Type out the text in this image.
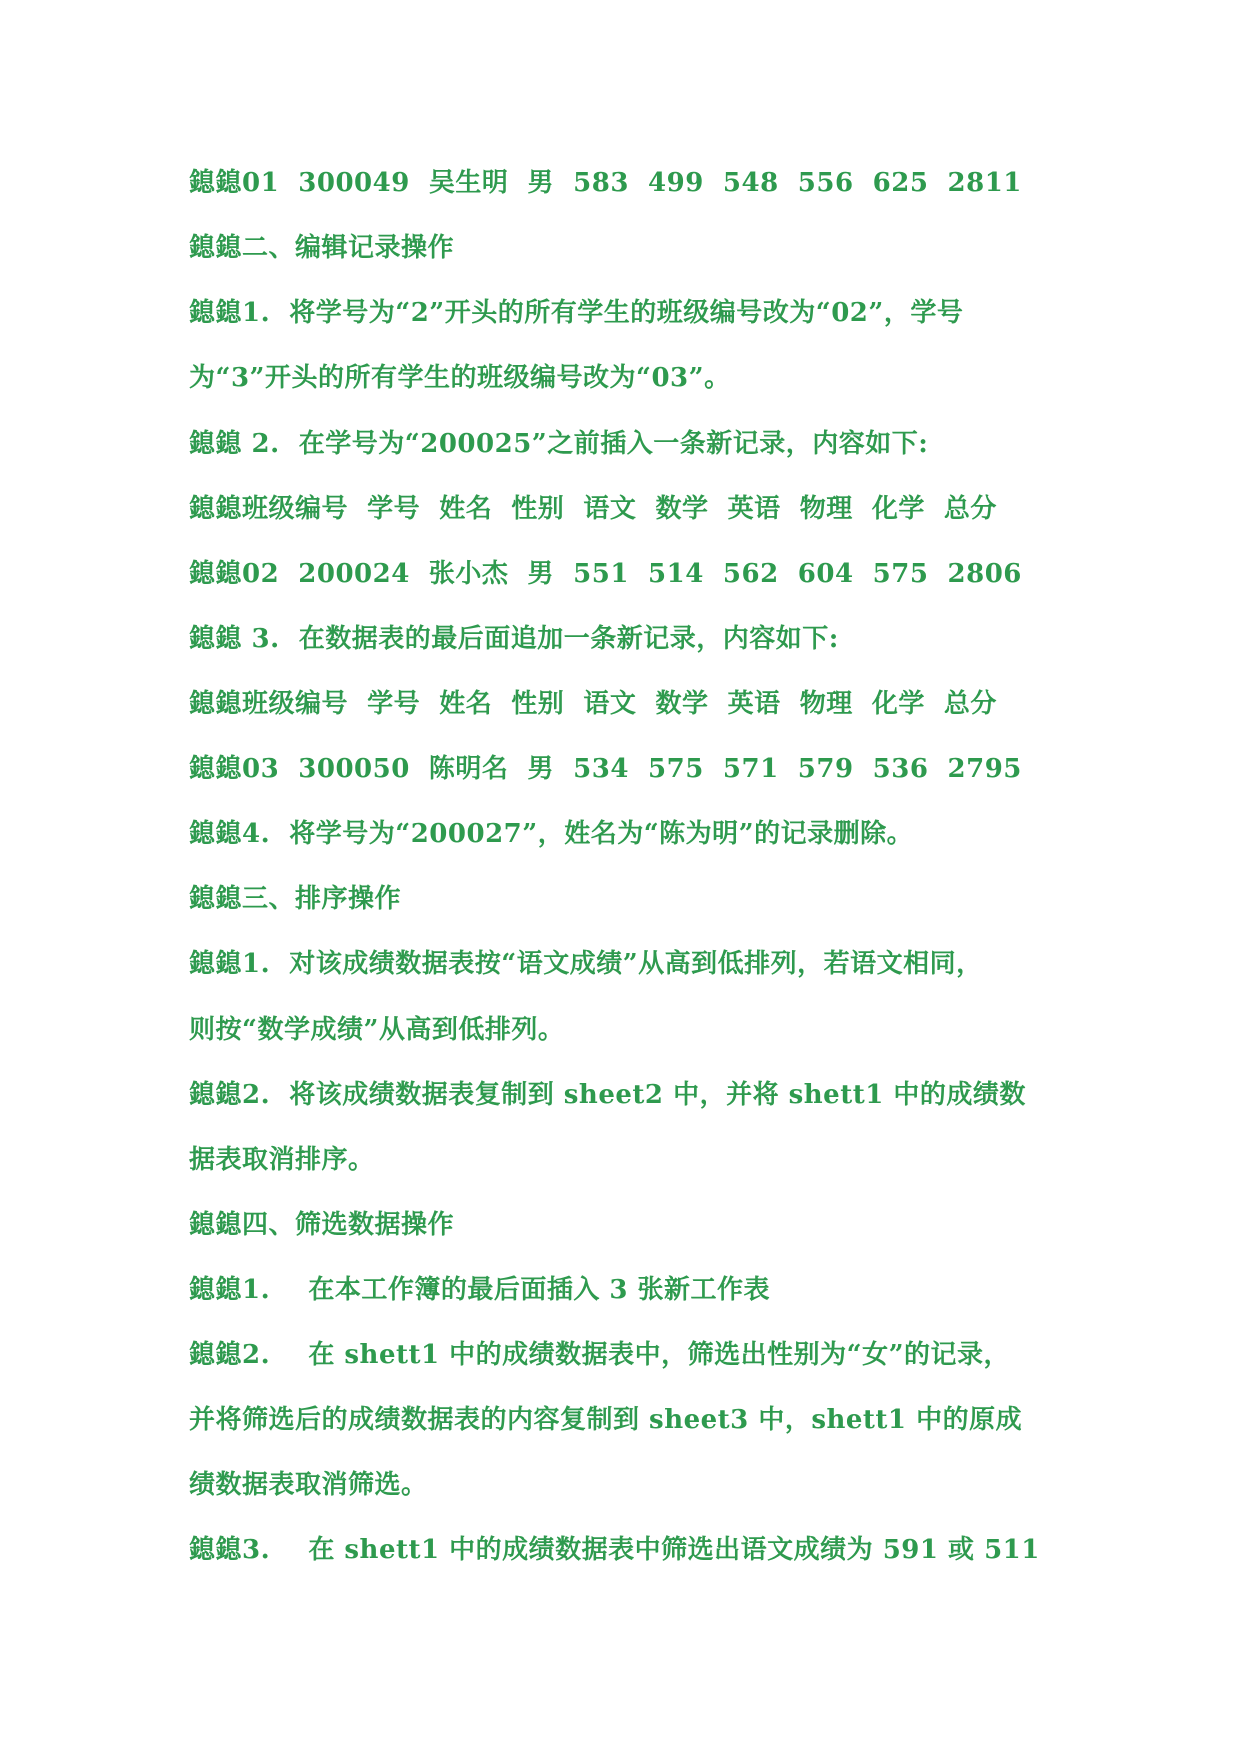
鎴鎴01  300049  吴生明  男  583  499  548  556  625  2811
鎴鎴二、编辑记录操作
鎴鎴1.  将学号为“2”开头的所有学生的班级编号改为“02”，学号
为“3”开头的所有学生的班级编号改为“03”。
鎴鎴 2.  在学号为“200025”之前插入一条新记录，内容如下:
鎴鎴班级编号  学号  姓名  性别  语文  数学  英语  物理  化学  总分
鎴鎴02  200024  张小杰  男  551  514  562  604  575  2806
鎴鎴 3.  在数据表的最后面追加一条新记录，内容如下:
鎴鎴班级编号  学号  姓名  性别  语文  数学  英语  物理  化学  总分
鎴鎴03  300050  陈明名  男  534  575  571  579  536  2795
鎴鎴4.  将学号为“200027”，姓名为“陈为明”的记录删除。
鎴鎴三、排序操作
鎴鎴1.  对该成绩数据表按“语文成绩”从高到低排列，若语文相同，
则按“数学成绩”从高到低排列。
鎴鎴2.  将该成绩数据表复制到 sheet2 中，并将 shett1 中的成绩数
据表取消排序。
鎴鎴四、筛选数据操作
鎴鎴1.    在本工作簿的最后面插入 3 张新工作表
鎴鎴2.    在 shett1 中的成绩数据表中，筛选出性别为“女”的记录，
并将筛选后的成绩数据表的内容复制到 sheet3 中，shett1 中的原成
绩数据表取消筛选。
鎴鎴3.    在 shett1 中的成绩数据表中筛选出语文成绩为 591 或 511
